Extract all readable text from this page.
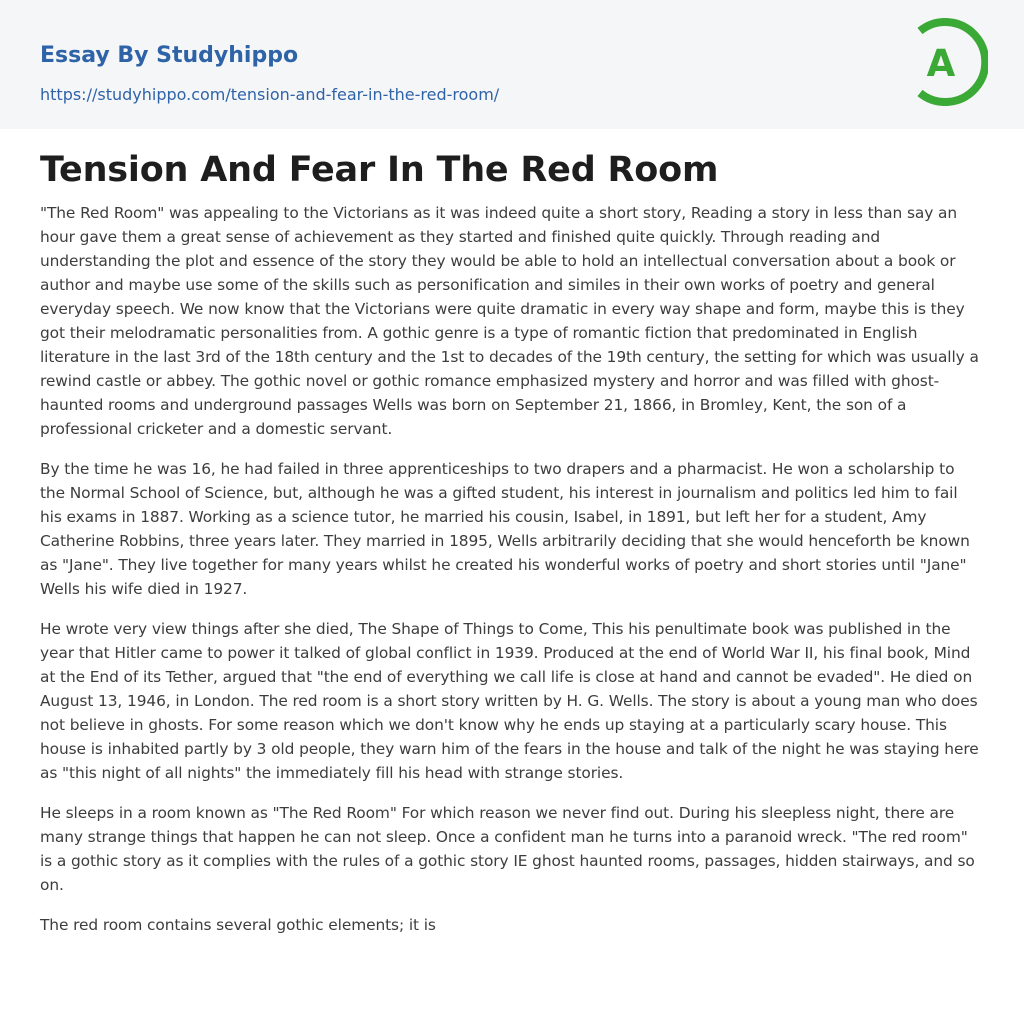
Essay By Studyhippo
https://studyhippo.com/tension-and-fear-in-the-red-room/
A
Tension And Fear In The Red Room

"The Red Room" was appealing to the Victorians as it was indeed quite a short story, Reading a story in less than say an hour gave them a great sense of achievement as they started and finished quite quickly. Through reading and understanding the plot and essence of the story they would be able to hold an intellectual conversation about a book or author and maybe use some of the skills such as personification and similes in their own works of poetry and general everyday speech. We now know that the Victorians were quite dramatic in every way shape and form, maybe this is they got their melodramatic personalities from. A gothic genre is a type of romantic fiction that predominated in English literature in the last 3rd of the 18th century and the 1st to decades of the 19th century, the setting for which was usually a rewind castle or abbey. The gothic novel or gothic romance emphasized mystery and horror and was filled with ghost-haunted rooms and underground passages Wells was born on September 21, 1866, in Bromley, Kent, the son of a professional cricketer and a domestic servant.

By the time he was 16, he had failed in three apprenticeships to two drapers and a pharmacist. He won a scholarship to the Normal School of Science, but, although he was a gifted student, his interest in journalism and politics led him to fail his exams in 1887. Working as a science tutor, he married his cousin, Isabel, in 1891, but left her for a student, Amy Catherine Robbins, three years later. They married in 1895, Wells arbitrarily deciding that she would henceforth be known as "Jane". They live together for many years whilst he created his wonderful works of poetry and short stories until "Jane" Wells his wife died in 1927.

He wrote very view things after she died, The Shape of Things to Come, This his penultimate book was published in the year that Hitler came to power it talked of global conflict in 1939. Produced at the end of World War II, his final book, Mind at the End of its Tether, argued that "the end of everything we call life is close at hand and cannot be evaded". He died on August 13, 1946, in London. The red room is a short story written by H. G. Wells. The story is about a young man who does not believe in ghosts. For some reason which we don't know why he ends up staying at a particularly scary house. This house is inhabited partly by 3 old people, they warn him of the fears in the house and talk of the night he was staying here as "this night of all nights" the immediately fill his head with strange stories.

He sleeps in a room known as "The Red Room" For which reason we never find out. During his sleepless night, there are many strange things that happen he can not sleep. Once a confident man he turns into a paranoid wreck. "The red room" is a gothic story as it complies with the rules of a gothic story IE ghost haunted rooms, passages, hidden stairways, and so on.

The red room contains several gothic elements; it is
